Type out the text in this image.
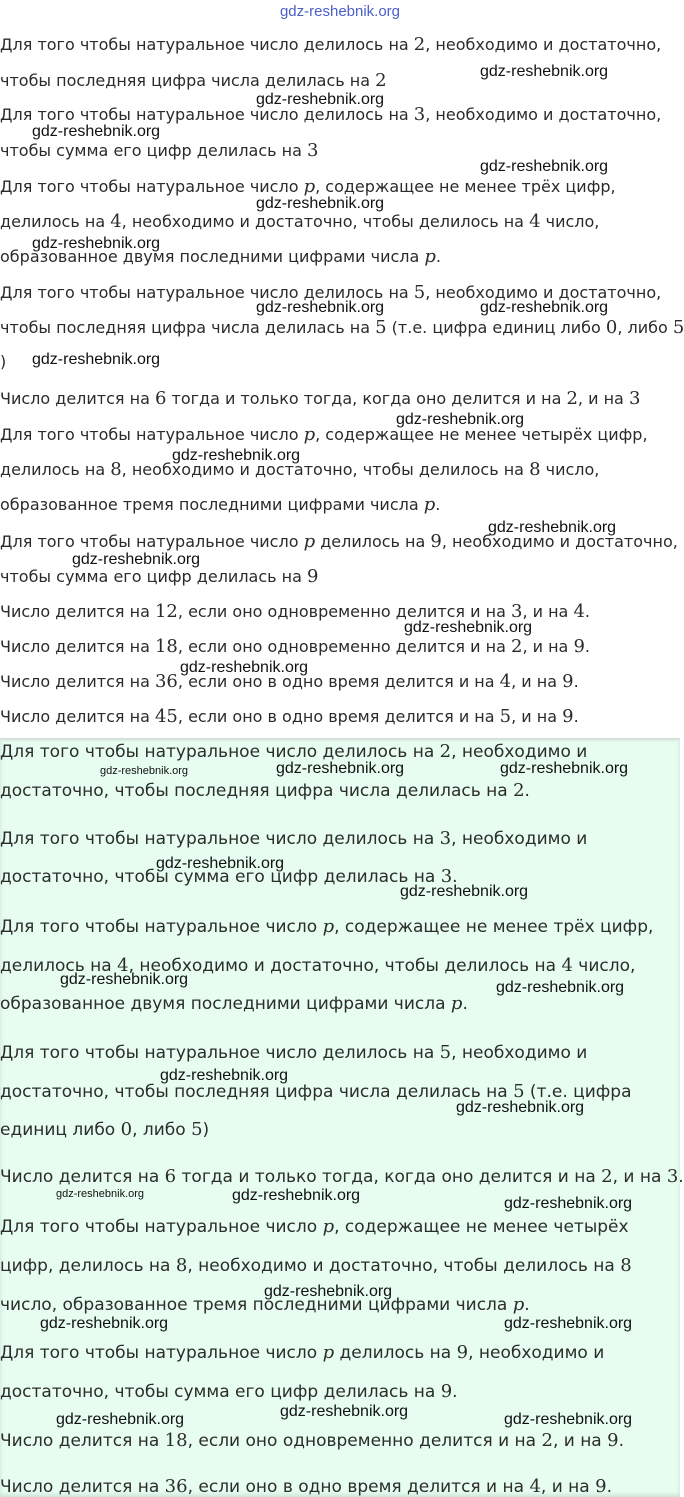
gdz-reshebnik.org
Для того чтобы натуральное число делилось на 2, необходимо и достаточно,
чтобы последняя цифра числа делилась на 2
Для того чтобы натуральное число делилось на 3, необходимо и достаточно,
чтобы сумма его цифр делилась на 3
Для того чтобы натуральное число p, содержащее не менее трёх цифр,
делилось на 4, необходимо и достаточно, чтобы делилось на 4 число,
образованное двумя последними цифрами числа p.
Для того чтобы натуральное число делилось на 5, необходимо и достаточно,
чтобы последняя цифра числа делилась на 5 (т.е. цифра единиц либо 0, либо 5
)
Число делится на 6 тогда и только тогда, когда оно делится и на 2, и на 3
Для того чтобы натуральное число p, содержащее не менее четырёх цифр,
делилось на 8, необходимо и достаточно, чтобы делилось на 8 число,
образованное тремя последними цифрами числа p.
Для того чтобы натуральное число p делилось на 9, необходимо и достаточно,
чтобы сумма его цифр делилась на 9
Число делится на 12, если оно одновременно делится и на 3, и на 4.
Число делится на 18, если оно одновременно делится и на 2, и на 9.
Число делится на 36, если оно в одно время делится и на 4, и на 9.
Число делится на 45, если оно в одно время делится и на 5, и на 9.
Для того чтобы натуральное число делилось на 2, необходимо и
достаточно, чтобы последняя цифра числа делилась на 2.
Для того чтобы натуральное число делилось на 3, необходимо и
достаточно, чтобы сумма его цифр делилась на 3.
Для того чтобы натуральное число p, содержащее не менее трёх цифр,
делилось на 4, необходимо и достаточно, чтобы делилось на 4 число,
образованное двумя последними цифрами числа p.
Для того чтобы натуральное число делилось на 5, необходимо и
достаточно, чтобы последняя цифра числа делилась на 5 (т.е. цифра
единиц либо 0, либо 5)
Число делится на 6 тогда и только тогда, когда оно делится и на 2, и на 3.
Для того чтобы натуральное число p, содержащее не менее четырёх
цифр, делилось на 8, необходимо и достаточно, чтобы делилось на 8
число, образованное тремя последними цифрами числа p.
Для того чтобы натуральное число p делилось на 9, необходимо и
достаточно, чтобы сумма его цифр делилась на 9.
Число делится на 18, если оно одновременно делится и на 2, и на 9.
Число делится на 36, если оно в одно время делится и на 4, и на 9.
gdz-reshebnik.org
gdz-reshebnik.org
gdz-reshebnik.org
gdz-reshebnik.org
gdz-reshebnik.org
gdz-reshebnik.org
gdz-reshebnik.org	gdz-reshebnik.org
gdz-reshebnik.org
gdz-reshebnik.org
gdz-reshebnik.org
gdz-reshebnik.org
gdz-reshebnik.org
gdz-reshebnik.org
gdz-reshebnik.org
gdz-reshebnik.org	gdz-reshebnik.org	gdz-reshebnik.org
gdz-reshebnik.org
gdz-reshebnik.org
gdz-reshebnik.org	gdz-reshebnik.org
gdz-reshebnik.org
gdz-reshebnik.org
gdz-reshebnik.org	gdz-reshebnik.org	gdz-reshebnik.org
gdz-reshebnik.org
gdz-reshebnik.org	gdz-reshebnik.org
gdz-reshebnik.org
gdz-reshebnik.org	gdz-reshebnik.org
